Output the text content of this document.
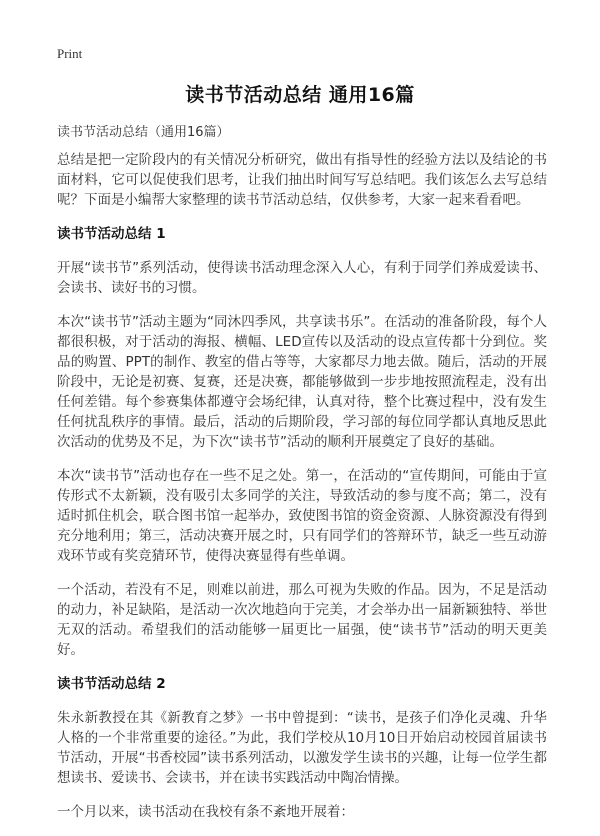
Print
读书节活动总结 通用16篇
读书节活动总结（通用16篇）

总结是把一定阶段内的有关情况分析研究，做出有指导性的经验方法以及结论的书面材料，它可以促使我们思考，让我们抽出时间写写总结吧。我们该怎么去写总结呢？下面是小编帮大家整理的读书节活动总结，仅供参考，大家一起来看看吧。

读书节活动总结 1

开展“读书节”系列活动，使得读书活动理念深入人心，有利于同学们养成爱读书、会读书、读好书的习惯。

本次“读书节”活动主题为“同沐四季风，共享读书乐”。在活动的准备阶段，每个人都很积极，对于活动的海报、横幅、LED宣传以及活动的设点宣传都十分到位。奖品的购置、PPT的制作、教室的借占等等，大家都尽力地去做。随后，活动的开展阶段中，无论是初赛、复赛，还是决赛，都能够做到一步步地按照流程走，没有出任何差错。每个参赛集体都遵守会场纪律，认真对待，整个比赛过程中，没有发生任何扰乱秩序的事情。最后，活动的后期阶段，学习部的每位同学都认真地反思此次活动的优势及不足，为下次“读书节”活动的顺利开展奠定了良好的基础。

本次“读书节”活动也存在一些不足之处。第一，在活动的“宣传期间，可能由于宣传形式不太新颖，没有吸引太多同学的关注，导致活动的参与度不高；第二，没有适时抓住机会，联合图书馆一起举办，致使图书馆的资金资源、人脉资源没有得到充分地利用；第三，活动决赛开展之时，只有同学们的答辩环节，缺乏一些互动游戏环节或有奖竞猜环节，使得决赛显得有些单调。

一个活动，若没有不足，则难以前进，那么可视为失败的作品。因为，不足是活动的动力，补足缺陷，是活动一次次地趋向于完美，才会举办出一届新颖独特、举世无双的活动。希望我们的活动能够一届更比一届强，使“读书节”活动的明天更美好。

读书节活动总结 2

朱永新教授在其《新教育之梦》一书中曾提到：“读书，是孩子们净化灵魂、升华人格的一个非常重要的途径。”为此，我们学校从10月10日开始启动校园首届读书节活动，开展“书香校园”读书系列活动，以激发学生读书的兴趣，让每一位学生都想读书、爱读书、会读书，并在读书实践活动中陶冶情操。

一个月以来，读书活动在我校有条不紊地开展着：
